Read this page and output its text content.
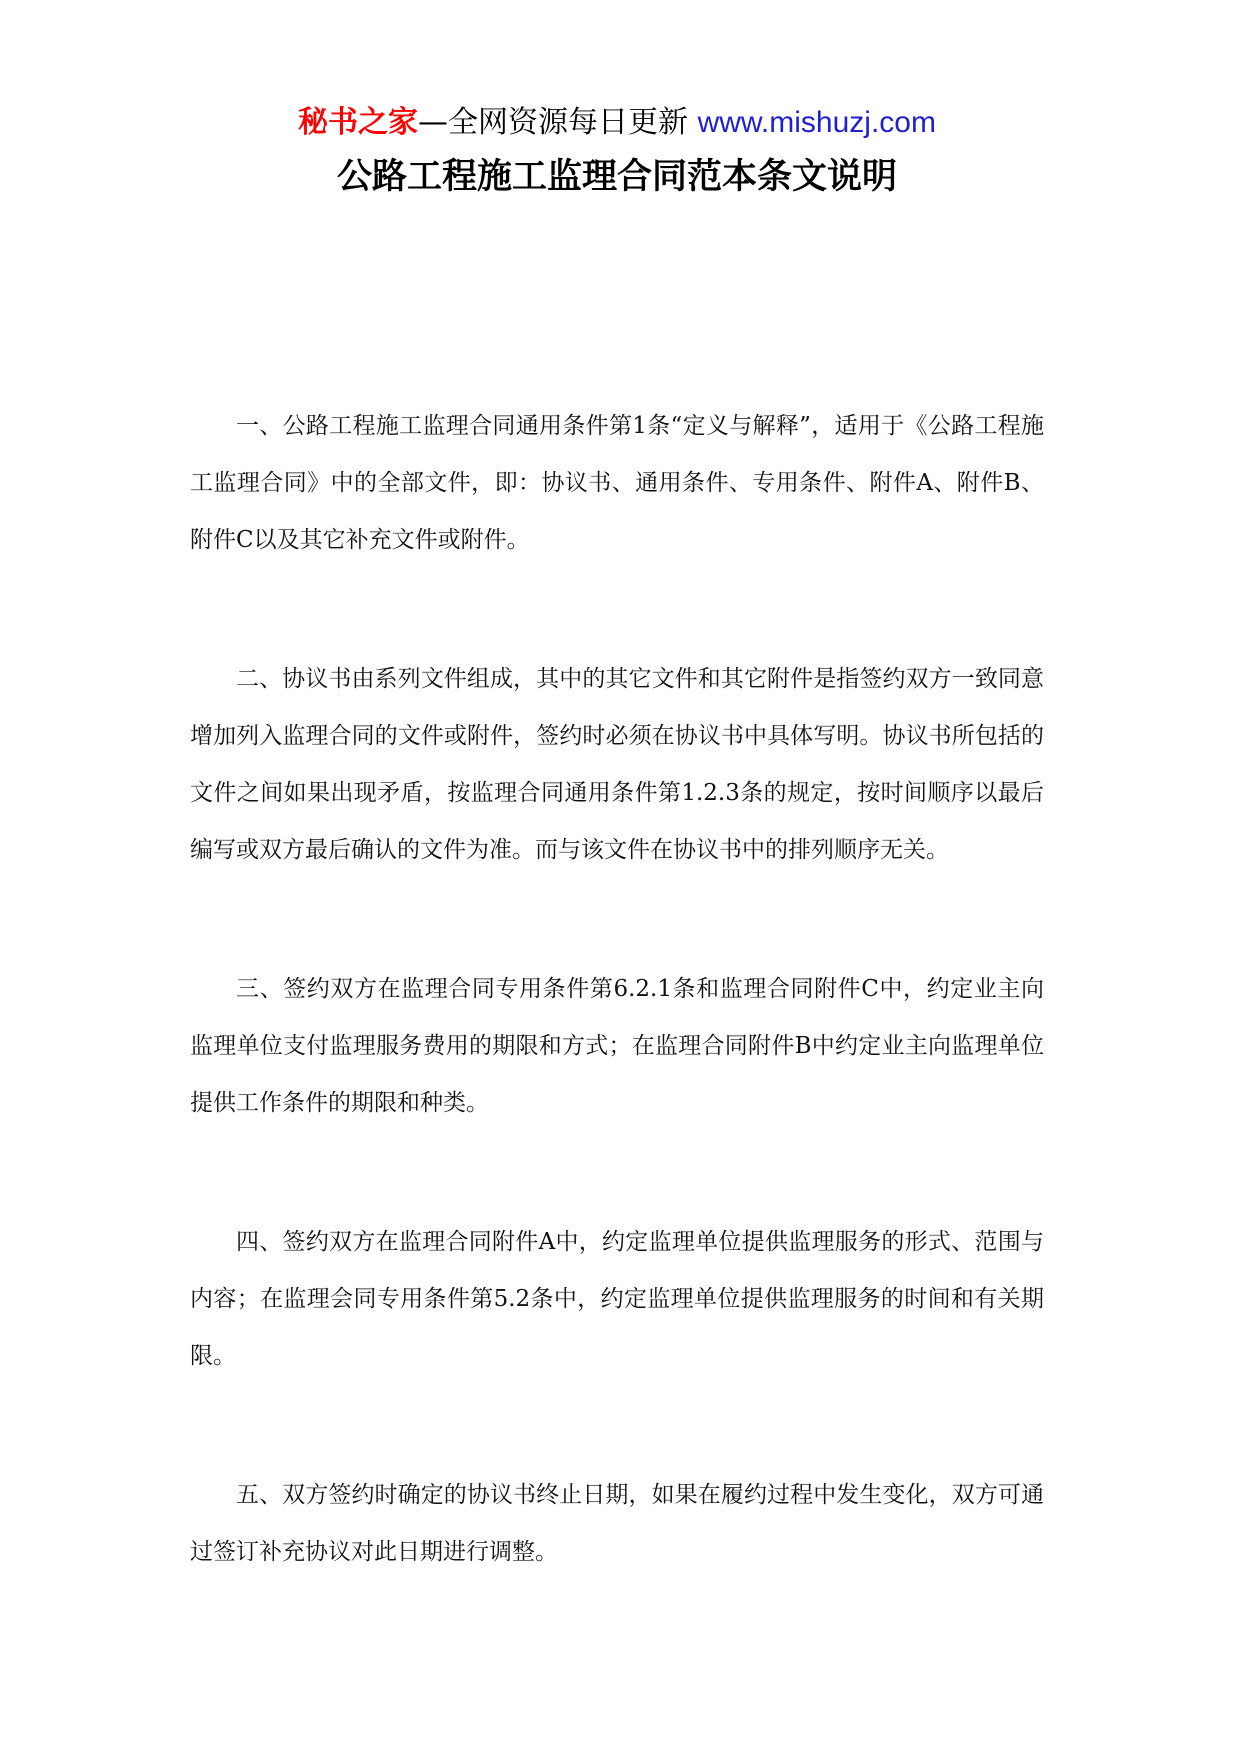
秘书之家—全网资源每日更新 www.mishuzj.com
公路工程施工监理合同范本条文说明

一、公路工程施工监理合同通用条件第1条“定义与解释”，适用于《公路工程施工监理合同》中的全部文件，即：协议书、通用条件、专用条件、附件A、附件B、附件C以及其它补充文件或附件。

二、协议书由系列文件组成，其中的其它文件和其它附件是指签约双方一致同意增加列入监理合同的文件或附件，签约时必须在协议书中具体写明。协议书所包括的文件之间如果出现矛盾，按监理合同通用条件第1.2.3条的规定，按时间顺序以最后编写或双方最后确认的文件为准。而与该文件在协议书中的排列顺序无关。

三、签约双方在监理合同专用条件第6.2.1条和监理合同附件C中，约定业主向监理单位支付监理服务费用的期限和方式；在监理合同附件B中约定业主向监理单位提供工作条件的期限和种类。

四、签约双方在监理合同附件A中，约定监理单位提供监理服务的形式、范围与内容；在监理会同专用条件第5.2条中，约定监理单位提供监理服务的时间和有关期限。

五、双方签约时确定的协议书终止日期，如果在履约过程中发生变化，双方可通过签订补充协议对此日期进行调整。
